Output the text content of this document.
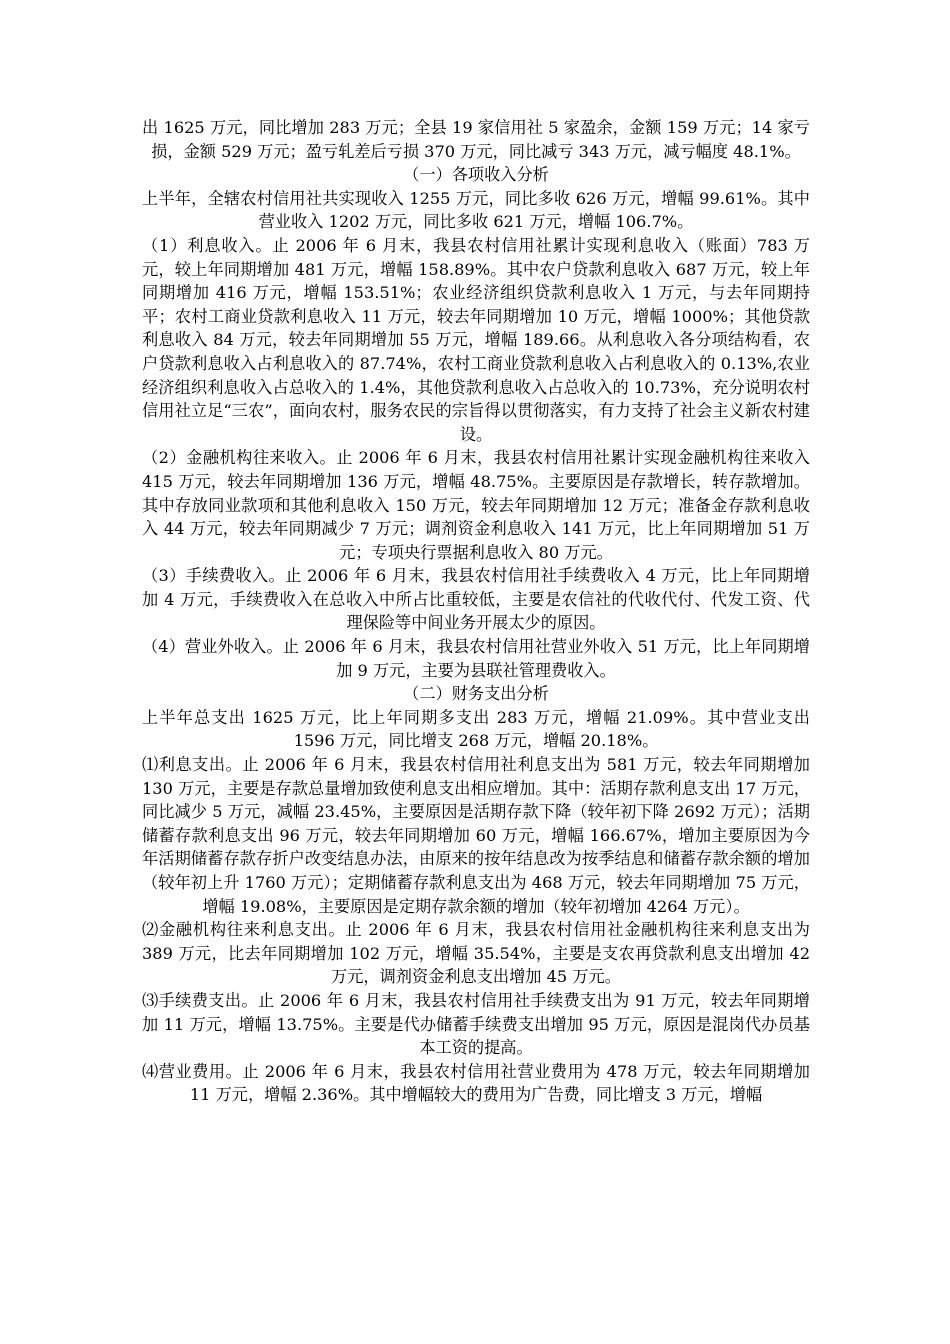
出 1625 万元，同比增加 283 万元；全县 19 家信用社 5 家盈余，金额 159 万元；14 家亏损，金额 529 万元；盈亏轧差后亏损 370 万元，同比减亏 343 万元，减亏幅度 48.1%。

（一）各项收入分析

上半年，全辖农村信用社共实现收入 1255 万元，同比多收 626 万元，增幅 99.61%。其中营业收入 1202 万元，同比多收 621 万元，增幅 106.7%。

（1）利息收入。止 2006 年 6 月末，我县农村信用社累计实现利息收入（账面）783 万元，较上年同期增加 481 万元，增幅 158.89%。其中农户贷款利息收入 687 万元，较上年同期增加 416 万元，增幅 153.51%；农业经济组织贷款利息收入 1 万元，与去年同期持平；农村工商业贷款利息收入 11 万元，较去年同期增加 10 万元，增幅 1000%；其他贷款利息收入 84 万元，较去年同期增加 55 万元，增幅 189.66。从利息收入各分项结构看，农户贷款利息收入占利息收入的 87.74%，农村工商业贷款利息收入占利息收入的 0.13%,农业经济组织利息收入占总收入的 1.4%，其他贷款利息收入占总收入的 10.73%，充分说明农村信用社立足“三农”，面向农村，服务农民的宗旨得以贯彻落实，有力支持了社会主义新农村建设。

（2）金融机构往来收入。止 2006 年 6 月末，我县农村信用社累计实现金融机构往来收入 415 万元，较去年同期增加 136 万元，增幅 48.75%。主要原因是存款增长，转存款增加。其中存放同业款项和其他利息收入 150 万元，较去年同期增加 12 万元；准备金存款利息收入 44 万元，较去年同期减少 7 万元；调剂资金利息收入 141 万元，比上年同期增加 51 万元；专项央行票据利息收入 80 万元。

（3）手续费收入。止 2006 年 6 月末，我县农村信用社手续费收入 4 万元，比上年同期增加 4 万元，手续费收入在总收入中所占比重较低，主要是农信社的代收代付、代发工资、代理保险等中间业务开展太少的原因。

（4）营业外收入。止 2006 年 6 月末，我县农村信用社营业外收入 51 万元，比上年同期增加 9 万元，主要为县联社管理费收入。

（二）财务支出分析

上半年总支出 1625 万元，比上年同期多支出 283 万元，增幅 21.09%。其中营业支出 1596 万元，同比增支 268 万元，增幅 20.18%。

⑴利息支出。止 2006 年 6 月末，我县农村信用社利息支出为 581 万元，较去年同期增加 130 万元，主要是存款总量增加致使利息支出相应增加。其中：活期存款利息支出 17 万元，同比减少 5 万元，减幅 23.45%，主要原因是活期存款下降（较年初下降 2692 万元）；活期储蓄存款利息支出 96 万元，较去年同期增加 60 万元，增幅 166.67%，增加主要原因为今年活期储蓄存款存折户改变结息办法，由原来的按年结息改为按季结息和储蓄存款余额的增加（较年初上升 1760 万元）；定期储蓄存款利息支出为 468 万元，较去年同期增加 75 万元，增幅 19.08%，主要原因是定期存款余额的增加（较年初增加 4264 万元）。

⑵金融机构往来利息支出。止 2006 年 6 月末，我县农村信用社金融机构往来利息支出为 389 万元，比去年同期增加 102 万元，增幅 35.54%，主要是支农再贷款利息支出增加 42 万元，调剂资金利息支出增加 45 万元。

⑶手续费支出。止 2006 年 6 月末，我县农村信用社手续费支出为 91 万元，较去年同期增加 11 万元，增幅 13.75%。主要是代办储蓄手续费支出增加 95 万元，原因是混岗代办员基本工资的提高。

⑷营业费用。止 2006 年 6 月末，我县农村信用社营业费用为 478 万元，较去年同期增加 11 万元，增幅 2.36%。其中增幅较大的费用为广告费，同比增支 3 万元，增幅
